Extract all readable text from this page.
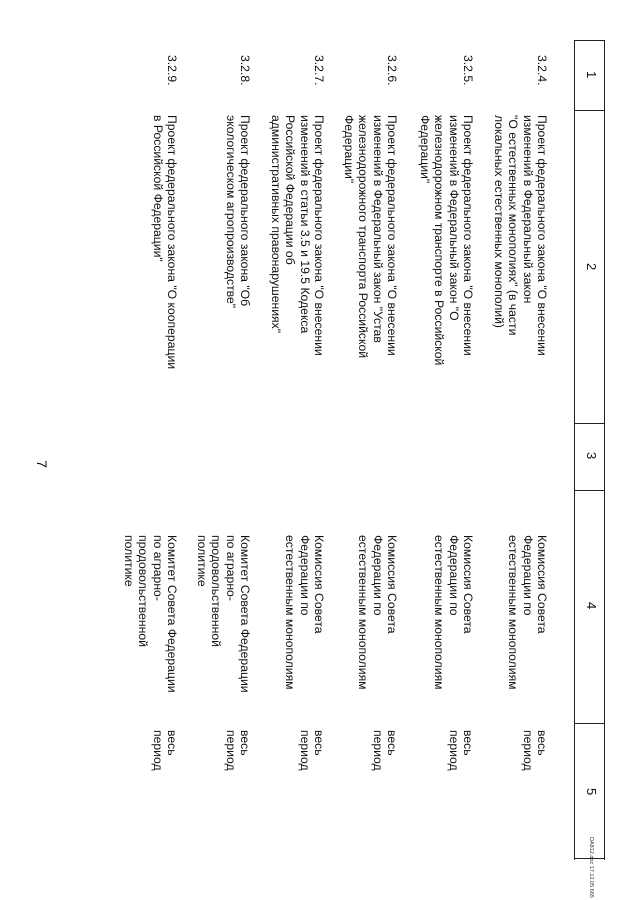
7
1
2
3
4
5
3.2.4.
Проект федерального закона "О внесении
изменений в Федеральный закон
"О естественных монополиях" (в части
локальных естественных монополий)
Комиссия Совета
Федерации по
естественным монополиям
весь
период
3.2.5.
Проект федерального закона "О внесении
изменений в Федеральный закон "О
железнодорожном транспорте в Российской
Федерации"
Комиссия Совета
Федерации по
естественным монополиям
весь
период
3.2.6.
Проект федерального закона "О внесении
изменений в Федеральный закон "Устав
железнодорожного транспорта Российской
Федерации"
Комиссия Совета
Федерации по
естественным монополиям
весь
период
3.2.7.
Проект федерального закона "О внесении
изменений в статьи 3.5 и 19.5 Кодекса
Российской Федерации об
административных правонарушениях"
Комиссия Совета
Федерации по
естественным монополиям
весь
период
3.2.8.
Проект федерального закона "Об
экологическом агропроизводстве"
Комитет Совета Федерации
по аграрно-
продовольственной
политике
весь
период
3.2.9.
Проект федерального закона "О кооперации
в Российской Федерации"
Комитет Совета Федерации
по аграрно-
продовольственной
политике
весь
период
DA812.doc 17.12.05 665
